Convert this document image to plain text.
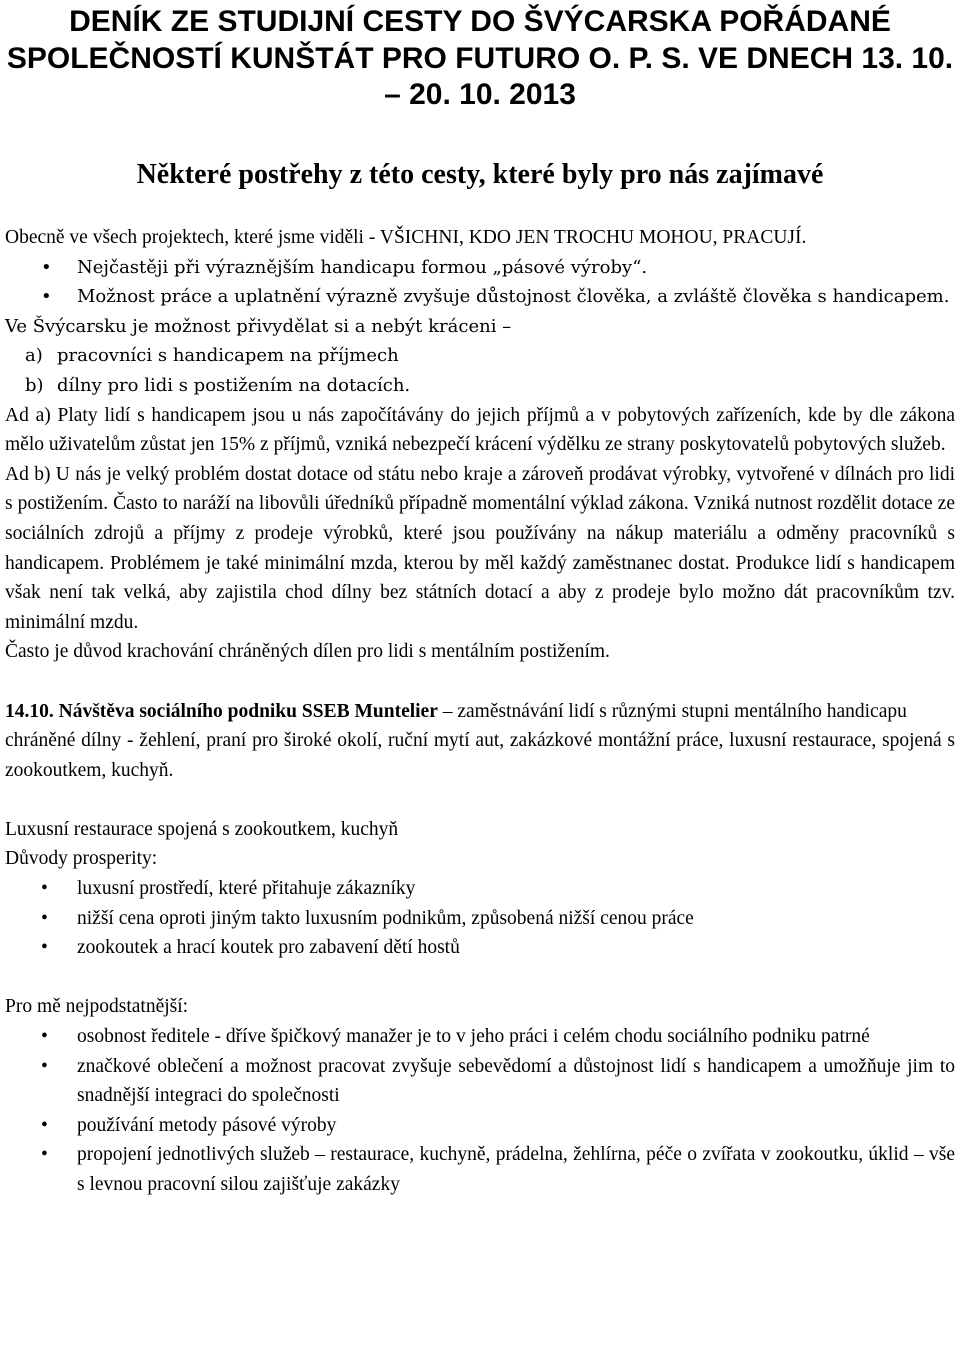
DENÍK ZE STUDIJNÍ CESTY DO ŠVÝCARSKA POŘÁDANÉ SPOLEČNOSTÍ KUNŠTÁT PRO FUTURO O. P. S. VE DNECH 13. 10. – 20. 10. 2013
Některé postřehy z této cesty, které byly pro nás zajímavé

Obecně ve všech projektech, které jsme viděli - VŠICHNI, KDO JEN TROCHU MOHOU, PRACUJÍ.

• Nejčastěji při výraznějším handicapu formou „pásové výroby“.
• Možnost práce a uplatnění výrazně zvyšuje důstojnost člověka, a zvláště člověka s handicapem.

Ve Švýcarsku je možnost přivydělat si a nebýt kráceni –

a) pracovníci s handicapem na příjmech
b) dílny pro lidi s postižením na dotacích.

Ad a) Platy lidí s handicapem jsou u nás započítávány do jejich příjmů a v pobytových zařízeních, kde by dle zákona mělo uživatelům zůstat jen 15% z příjmů, vzniká nebezpečí krácení výdělku ze strany poskytovatelů pobytových služeb.

Ad b) U nás je velký problém dostat dotace od státu nebo kraje a zároveň prodávat výrobky, vytvořené v dílnách pro lidi s postižením. Často to naráží na libovůli úředníků případně momentální výklad zákona. Vzniká nutnost rozdělit dotace ze sociálních zdrojů a příjmy z prodeje výrobků, které jsou používány na nákup materiálu a odměny pracovníků s handicapem. Problémem je také minimální mzda, kterou by měl každý zaměstnanec dostat. Produkce lidí s handicapem však není tak velká, aby zajistila chod dílny bez státních dotací a aby z prodeje bylo možno dát pracovníkům tzv. minimální mzdu.

Často je důvod krachování chráněných dílen pro lidi s mentálním postižením.

14.10. Návštěva sociálního podniku SSEB Muntelier – zaměstnávání lidí s různými stupni mentálního handicapu

chráněné dílny - žehlení, praní pro široké okolí, ruční mytí aut, zakázkové montážní práce, luxusní restaurace, spojená s zookoutkem, kuchyň.

Luxusní restaurace spojená s zookoutkem, kuchyň

Důvody prosperity:

• luxusní prostředí, které přitahuje zákazníky
• nižší cena oproti jiným takto luxusním podnikům, způsobená nižší cenou práce
• zookoutek a hrací koutek pro zabavení dětí hostů

Pro mě nejpodstatnější:

• osobnost ředitele - dříve špičkový manažer je to v jeho práci i celém chodu sociálního podniku patrné
• značkové oblečení a možnost pracovat zvyšuje sebevědomí a důstojnost lidí s handicapem a umožňuje jim to snadnější integraci do společnosti
• používání metody pásové výroby
• propojení jednotlivých služeb – restaurace, kuchyně, prádelna, žehlírna, péče o zvířata v zookoutku, úklid – vše s levnou pracovní silou zajišťuje zakázky
